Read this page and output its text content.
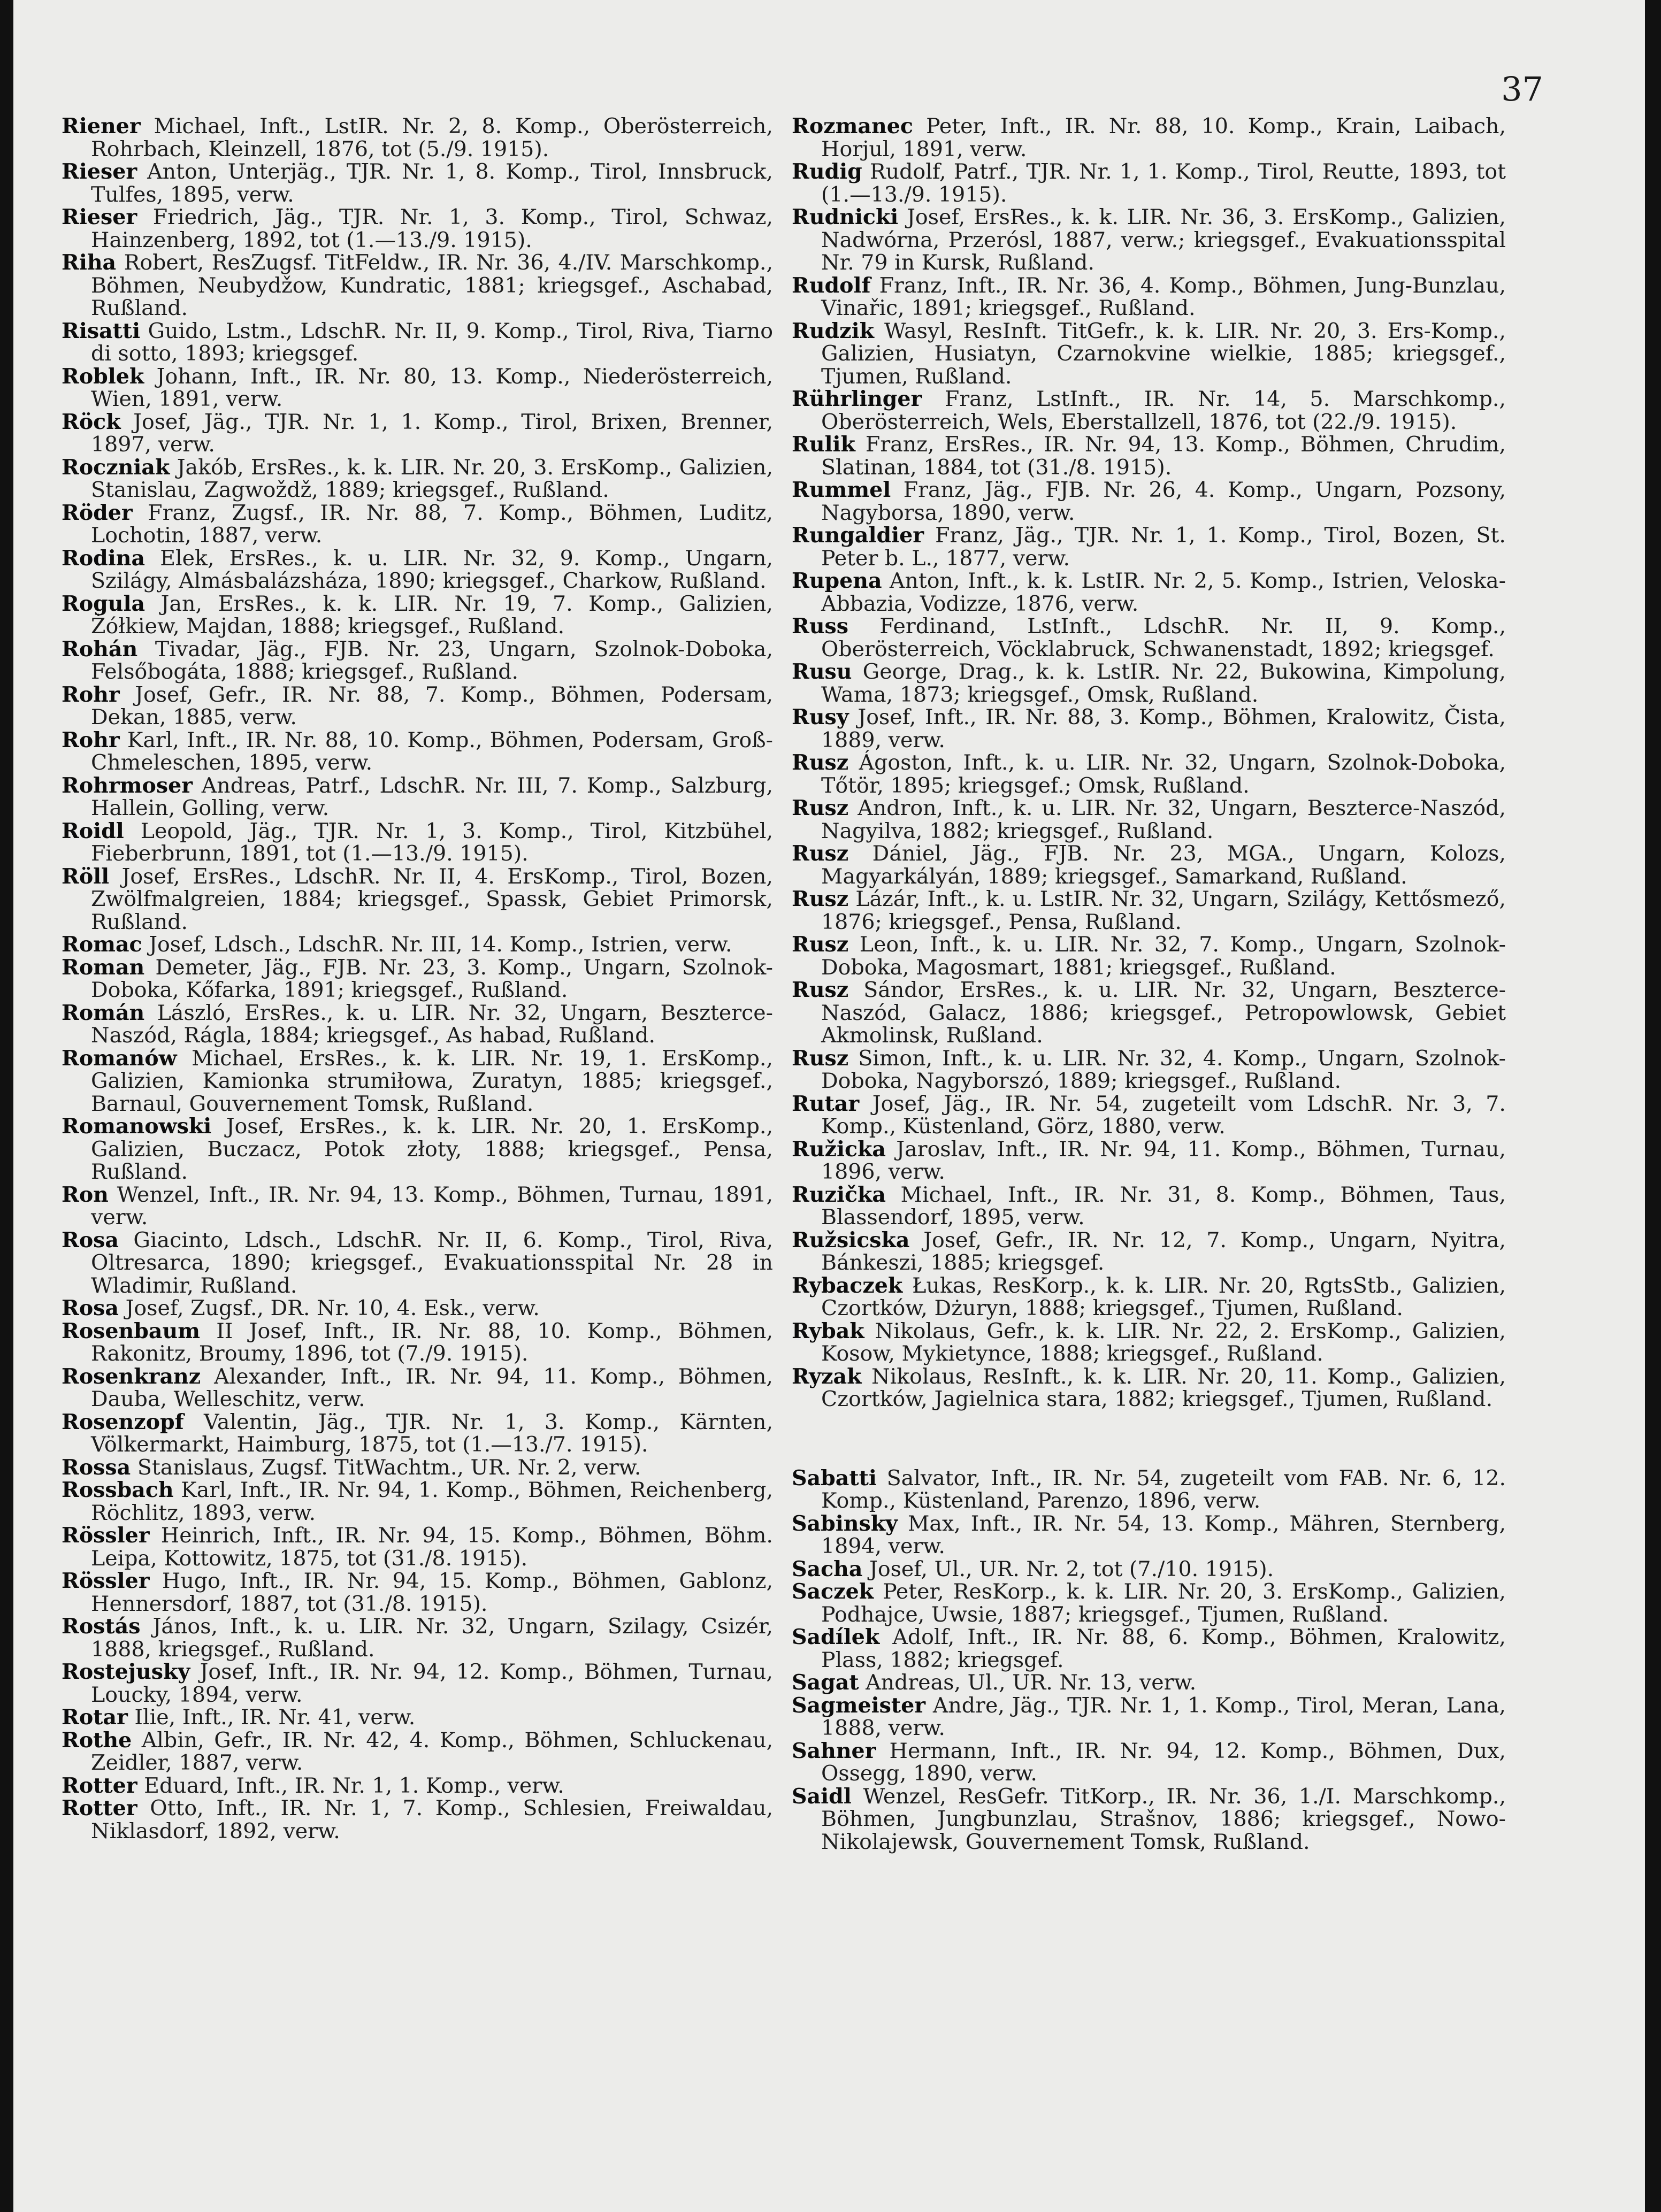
37

Riener Michael, Inft., LstIR. Nr. 2, 8. Komp., Oberösterreich, Rohrbach, Kleinzell, 1876, tot (5./9. 1915).

Rieser Anton, Unterjäg., TJR. Nr. 1, 8. Komp., Tirol, Innsbruck, Tulfes, 1895, verw.

Rieser Friedrich, Jäg., TJR. Nr. 1, 3. Komp., Tirol, Schwaz, Hainzenberg, 1892, tot (1.—13./9. 1915).

Riha Robert, ResZugsf. TitFeldw., IR. Nr. 36, 4./IV. Marschkomp., Böhmen, Neubydžow, Kundratic, 1881; kriegsgef., Aschabad, Rußland.

Risatti Guido, Lstm., LdschR. Nr. II, 9. Komp., Tirol, Riva, Tiarno di sotto, 1893; kriegsgef.

Roblek Johann, Inft., IR. Nr. 80, 13. Komp., Niederösterreich, Wien, 1891, verw.

Röck Josef, Jäg., TJR. Nr. 1, 1. Komp., Tirol, Brixen, Brenner, 1897, verw.

Roczniak Jakób, ErsRes., k. k. LIR. Nr. 20, 3. ErsKomp., Galizien, Stanislau, Zagwoždž, 1889; kriegsgef., Rußland.

Röder Franz, Zugsf., IR. Nr. 88, 7. Komp., Böhmen, Luditz, Lochotin, 1887, verw.

Rodina Elek, ErsRes., k. u. LIR. Nr. 32, 9. Komp., Ungarn, Szilágy, Almásbalázsháza, 1890; kriegsgef., Charkow, Rußland.

Rogula Jan, ErsRes., k. k. LIR. Nr. 19, 7. Komp., Galizien, Żółkiew, Majdan, 1888; kriegsgef., Rußland.

Rohán Tivadar, Jäg., FJB. Nr. 23, Ungarn, Szolnok-Doboka, Felsőbogáta, 1888; kriegsgef., Rußland.

Rohr Josef, Gefr., IR. Nr. 88, 7. Komp., Böhmen, Podersam, Dekan, 1885, verw.

Rohr Karl, Inft., IR. Nr. 88, 10. Komp., Böhmen, Podersam, Groß-Chmeleschen, 1895, verw.

Rohrmoser Andreas, Patrf., LdschR. Nr. III, 7. Komp., Salzburg, Hallein, Golling, verw.

Roidl Leopold, Jäg., TJR. Nr. 1, 3. Komp., Tirol, Kitzbühel, Fieberbrunn, 1891, tot (1.—13./9. 1915).

Röll Josef, ErsRes., LdschR. Nr. II, 4. ErsKomp., Tirol, Bozen, Zwölfmalgreien, 1884; kriegsgef., Spassk, Gebiet Primorsk, Rußland.

Romac Josef, Ldsch., LdschR. Nr. III, 14. Komp., Istrien, verw.

Roman Demeter, Jäg., FJB. Nr. 23, 3. Komp., Ungarn, Szolnok-Doboka, Kőfarka, 1891; kriegsgef., Rußland.

Román László, ErsRes., k. u. LIR. Nr. 32, Ungarn, Beszterce-Naszód, Rágla, 1884; kriegsgef., As habad, Rußland.

Romanów Michael, ErsRes., k. k. LIR. Nr. 19, 1. ErsKomp., Galizien, Kamionka strumiłowa, Zuratyn, 1885; kriegsgef., Barnaul, Gouvernement Tomsk, Rußland.

Romanowski Josef, ErsRes., k. k. LIR. Nr. 20, 1. ErsKomp., Galizien, Buczacz, Potok złoty, 1888; kriegsgef., Pensa, Rußland.

Ron Wenzel, Inft., IR. Nr. 94, 13. Komp., Böhmen, Turnau, 1891, verw.

Rosa Giacinto, Ldsch., LdschR. Nr. II, 6. Komp., Tirol, Riva, Oltresarca, 1890; kriegsgef., Evakuationsspital Nr. 28 in Wladimir, Rußland.

Rosa Josef, Zugsf., DR. Nr. 10, 4. Esk., verw.

Rosenbaum II Josef, Inft., IR. Nr. 88, 10. Komp., Böhmen, Rakonitz, Broumy, 1896, tot (7./9. 1915).

Rosenkranz Alexander, Inft., IR. Nr. 94, 11. Komp., Böhmen, Dauba, Welleschitz, verw.

Rosenzopf Valentin, Jäg., TJR. Nr. 1, 3. Komp., Kärnten, Völkermarkt, Haimburg, 1875, tot (1.—13./7. 1915).

Rossa Stanislaus, Zugsf. TitWachtm., UR. Nr. 2, verw.

Rossbach Karl, Inft., IR. Nr. 94, 1. Komp., Böhmen, Reichenberg, Röchlitz, 1893, verw.

Rössler Heinrich, Inft., IR. Nr. 94, 15. Komp., Böhmen, Böhm. Leipa, Kottowitz, 1875, tot (31./8. 1915).

Rössler Hugo, Inft., IR. Nr. 94, 15. Komp., Böhmen, Gablonz, Hennersdorf, 1887, tot (31./8. 1915).

Rostás János, Inft., k. u. LIR. Nr. 32, Ungarn, Szilagy, Csizér, 1888, kriegsgef., Rußland.

Rostejusky Josef, Inft., IR. Nr. 94, 12. Komp., Böhmen, Turnau, Loucky, 1894, verw.

Rotar Ilie, Inft., IR. Nr. 41, verw.

Rothe Albin, Gefr., IR. Nr. 42, 4. Komp., Böhmen, Schluckenau, Zeidler, 1887, verw.

Rotter Eduard, Inft., IR. Nr. 1, 1. Komp., verw.

Rotter Otto, Inft., IR. Nr. 1, 7. Komp., Schlesien, Freiwaldau, Niklasdorf, 1892, verw.

Rozmanec Peter, Inft., IR. Nr. 88, 10. Komp., Krain, Laibach, Horjul, 1891, verw.

Rudig Rudolf, Patrf., TJR. Nr. 1, 1. Komp., Tirol, Reutte, 1893, tot (1.—13./9. 1915).

Rudnicki Josef, ErsRes., k. k. LIR. Nr. 36, 3. ErsKomp., Galizien, Nadwórna, Przerósl, 1887, verw.; kriegsgef., Evakuationsspital Nr. 79 in Kursk, Rußland.

Rudolf Franz, Inft., IR. Nr. 36, 4. Komp., Böhmen, Jung-Bunzlau, Vinařic, 1891; kriegsgef., Rußland.

Rudzik Wasyl, ResInft. TitGefr., k. k. LIR. Nr. 20, 3. Ers-Komp., Galizien, Husiatyn, Czarnokvine wielkie, 1885; kriegsgef., Tjumen, Rußland.

Rührlinger Franz, LstInft., IR. Nr. 14, 5. Marschkomp., Oberösterreich, Wels, Eberstallzell, 1876, tot (22./9. 1915).

Rulik Franz, ErsRes., IR. Nr. 94, 13. Komp., Böhmen, Chrudim, Slatinan, 1884, tot (31./8. 1915).

Rummel Franz, Jäg., FJB. Nr. 26, 4. Komp., Ungarn, Pozsony, Nagyborsa, 1890, verw.

Rungaldier Franz, Jäg., TJR. Nr. 1, 1. Komp., Tirol, Bozen, St. Peter b. L., 1877, verw.

Rupena Anton, Inft., k. k. LstIR. Nr. 2, 5. Komp., Istrien, Veloska-Abbazia, Vodizze, 1876, verw.

Russ Ferdinand, LstInft., LdschR. Nr. II, 9. Komp., Oberösterreich, Vöcklabruck, Schwanenstadt, 1892; kriegsgef.

Rusu George, Drag., k. k. LstIR. Nr. 22, Bukowina, Kimpolung, Wama, 1873; kriegsgef., Omsk, Rußland.

Rusy Josef, Inft., IR. Nr. 88, 3. Komp., Böhmen, Kralowitz, Čista, 1889, verw.

Rusz Ágoston, Inft., k. u. LIR. Nr. 32, Ungarn, Szolnok-Doboka, Tőtör, 1895; kriegsgef.; Omsk, Rußland.

Rusz Andron, Inft., k. u. LIR. Nr. 32, Ungarn, Beszterce-Naszód, Nagyilva, 1882; kriegsgef., Rußland.

Rusz Dániel, Jäg., FJB. Nr. 23, MGA., Ungarn, Kolozs, Magyarkályán, 1889; kriegsgef., Samarkand, Rußland.

Rusz Lázár, Inft., k. u. LstIR. Nr. 32, Ungarn, Szilágy, Kettősmező, 1876; kriegsgef., Pensa, Rußland.

Rusz Leon, Inft., k. u. LIR. Nr. 32, 7. Komp., Ungarn, Szolnok-Doboka, Magosmart, 1881; kriegsgef., Rußland.

Rusz Sándor, ErsRes., k. u. LIR. Nr. 32, Ungarn, Beszterce-Naszód, Galacz, 1886; kriegsgef., Petropowlowsk, Gebiet Akmolinsk, Rußland.

Rusz Simon, Inft., k. u. LIR. Nr. 32, 4. Komp., Ungarn, Szolnok-Doboka, Nagyborszó, 1889; kriegsgef., Rußland.

Rutar Josef, Jäg., IR. Nr. 54, zugeteilt vom LdschR. Nr. 3, 7. Komp., Küstenland, Görz, 1880, verw.

Ružicka Jaroslav, Inft., IR. Nr. 94, 11. Komp., Böhmen, Turnau, 1896, verw.

Ruzička Michael, Inft., IR. Nr. 31, 8. Komp., Böhmen, Taus, Blassendorf, 1895, verw.

Ružsicska Josef, Gefr., IR. Nr. 12, 7. Komp., Ungarn, Nyitra, Bánkeszi, 1885; kriegsgef.

Rybaczek Łukas, ResKorp., k. k. LIR. Nr. 20, RgtsStb., Galizien, Czortków, Dżuryn, 1888; kriegsgef., Tjumen, Rußland.

Rybak Nikolaus, Gefr., k. k. LIR. Nr. 22, 2. ErsKomp., Galizien, Kosow, Mykietynce, 1888; kriegsgef., Rußland.

Ryzak Nikolaus, ResInft., k. k. LIR. Nr. 20, 11. Komp., Galizien, Czortków, Jagielnica stara, 1882; kriegsgef., Tjumen, Rußland.

Sabatti Salvator, Inft., IR. Nr. 54, zugeteilt vom FAB. Nr. 6, 12. Komp., Küstenland, Parenzo, 1896, verw.

Sabinsky Max, Inft., IR. Nr. 54, 13. Komp., Mähren, Sternberg, 1894, verw.

Sacha Josef, Ul., UR. Nr. 2, tot (7./10. 1915).

Saczek Peter, ResKorp., k. k. LIR. Nr. 20, 3. ErsKomp., Galizien, Podhajce, Uwsie, 1887; kriegsgef., Tjumen, Rußland.

Sadílek Adolf, Inft., IR. Nr. 88, 6. Komp., Böhmen, Kralowitz, Plass, 1882; kriegsgef.

Sagat Andreas, Ul., UR. Nr. 13, verw.

Sagmeister Andre, Jäg., TJR. Nr. 1, 1. Komp., Tirol, Meran, Lana, 1888, verw.

Sahner Hermann, Inft., IR. Nr. 94, 12. Komp., Böhmen, Dux, Ossegg, 1890, verw.

Saidl Wenzel, ResGefr. TitKorp., IR. Nr. 36, 1./I. Marschkomp., Böhmen, Jungbunzlau, Strašnov, 1886; kriegsgef., Nowo-Nikolajewsk, Gouvernement Tomsk, Rußland.
